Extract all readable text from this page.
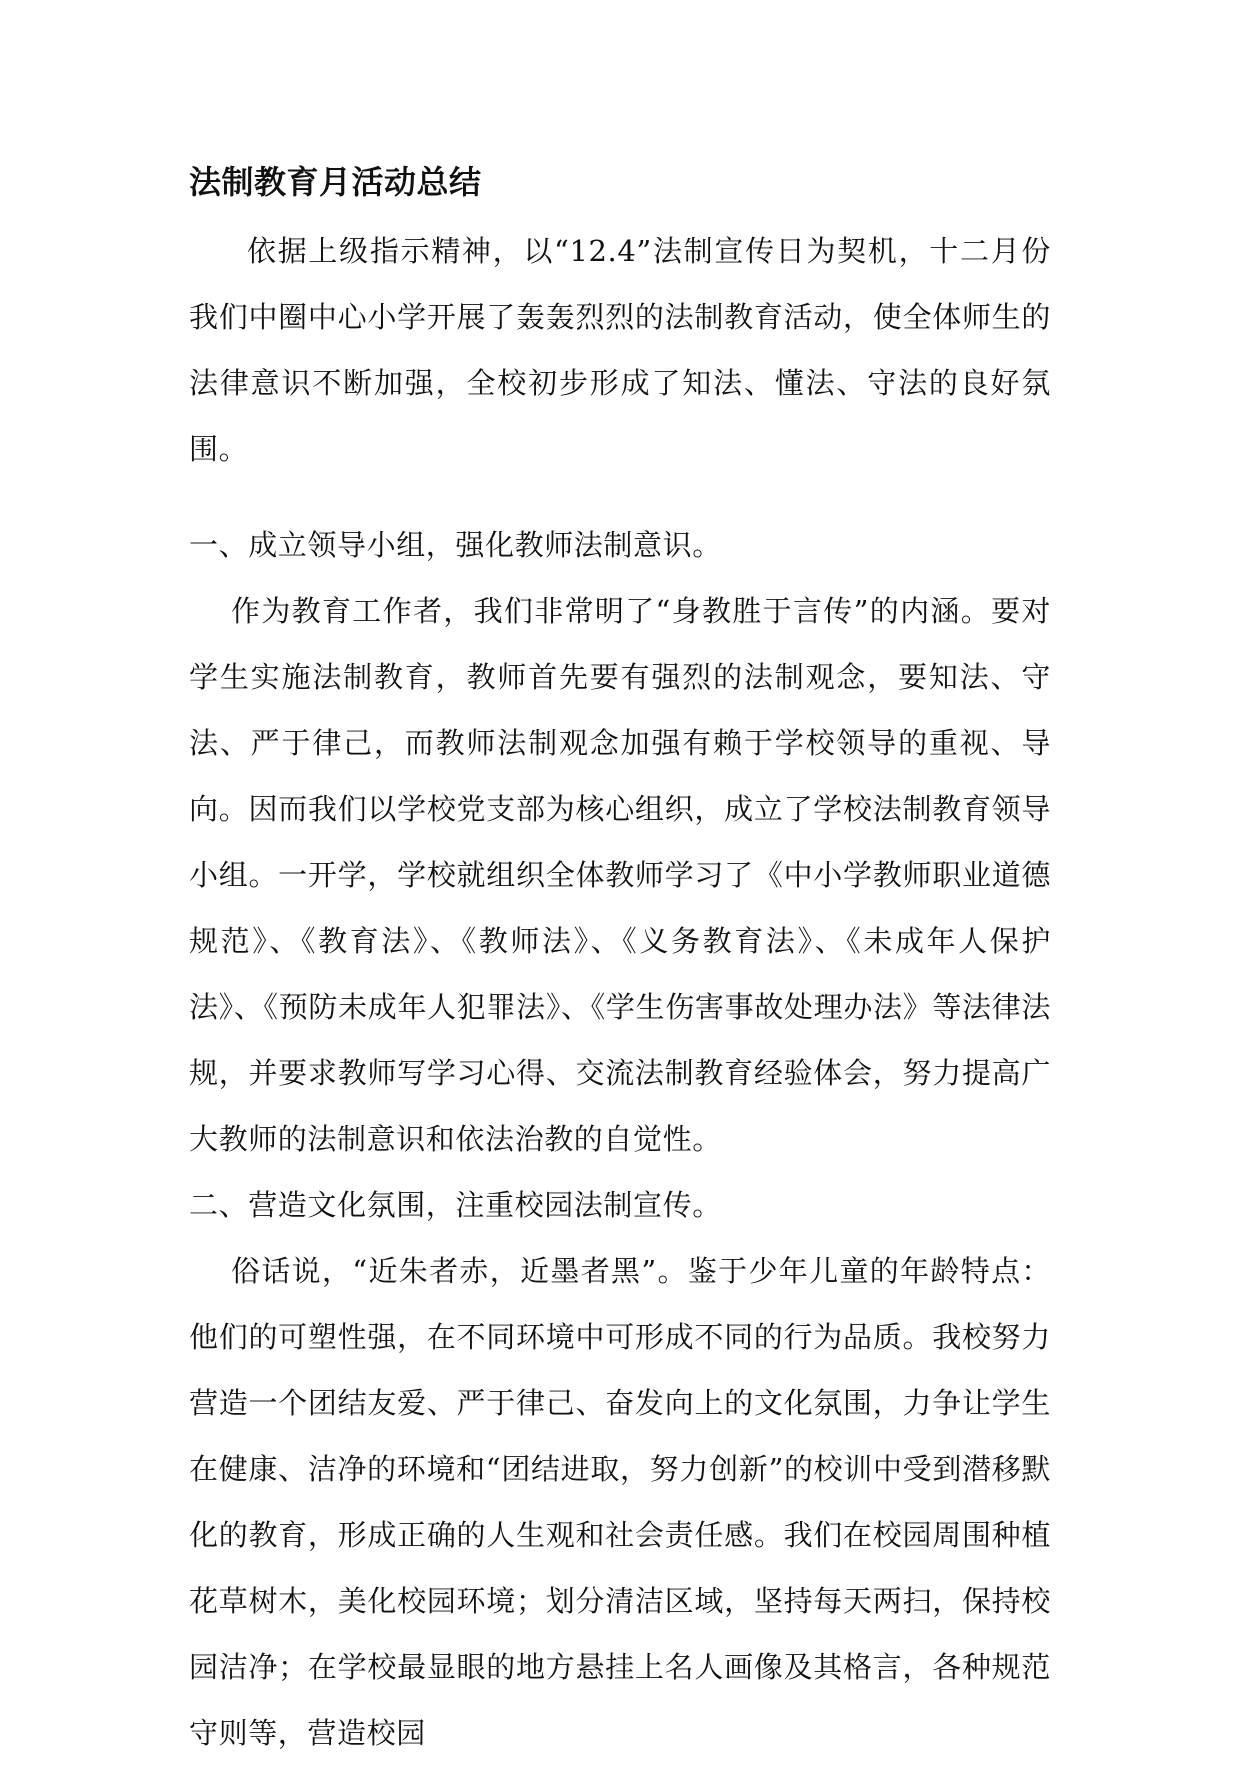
法制教育月活动总结

依据上级指示精神，以“12.4”法制宣传日为契机，十二月份我们中圈中心小学开展了轰轰烈烈的法制教育活动，使全体师生的法律意识不断加强，全校初步形成了知法、懂法、守法的良好氛围。

一、成立领导小组，强化教师法制意识。

作为教育工作者，我们非常明了“身教胜于言传”的内涵。要对学生实施法制教育，教师首先要有强烈的法制观念，要知法、守法、严于律己，而教师法制观念加强有赖于学校领导的重视、导向。因而我们以学校党支部为核心组织，成立了学校法制教育领导小组。一开学，学校就组织全体教师学习了《中小学教师职业道德规范》、《教育法》、《教师法》、《义务教育法》、《未成年人保护法》、《预防未成年人犯罪法》、《学生伤害事故处理办法》等法律法规，并要求教师写学习心得、交流法制教育经验体会，努力提高广大教师的法制意识和依法治教的自觉性。

二、营造文化氛围，注重校园法制宣传。

俗话说，“近朱者赤，近墨者黑”。鉴于少年儿童的年龄特点：他们的可塑性强，在不同环境中可形成不同的行为品质。我校努力营造一个团结友爱、严于律己、奋发向上的文化氛围，力争让学生在健康、洁净的环境和“团结进取，努力创新”的校训中受到潜移默化的教育，形成正确的人生观和社会责任感。我们在校园周围种植花草树木，美化校园环境；划分清洁区域，坚持每天两扫，保持校园洁净；在学校最显眼的地方悬挂上名人画像及其格言，各种规范守则等，营造校园
